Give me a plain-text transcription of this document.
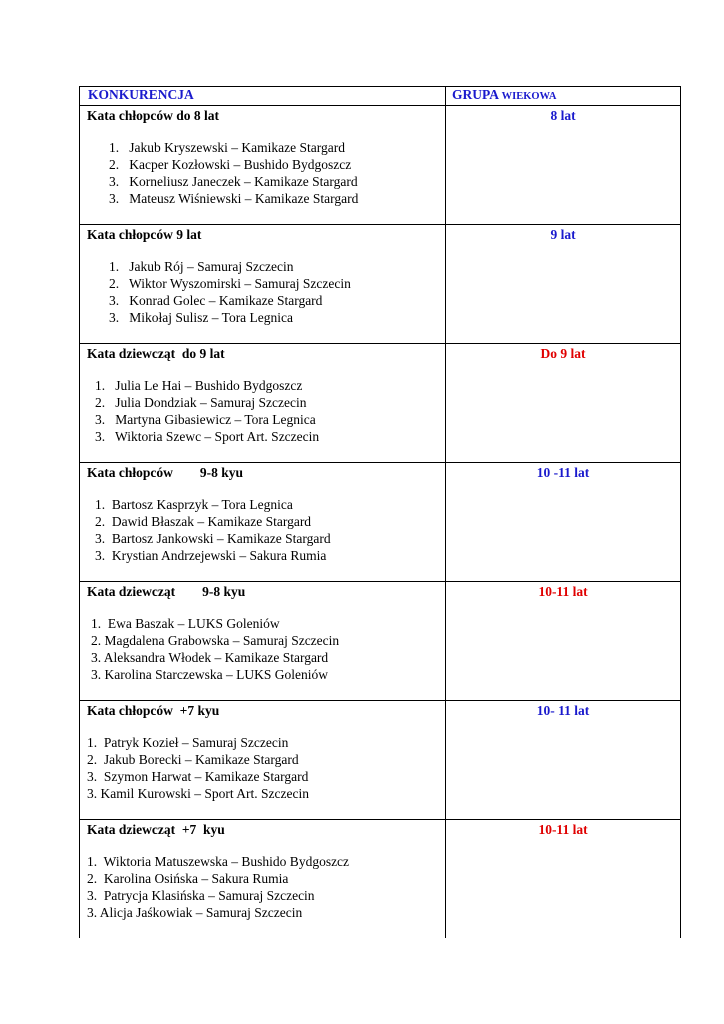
KONKURENCJA	GRUPA WIEKOWA

Kata chłopców do 8 lat
1.   Jakub Kryszewski – Kamikaze Stargard
2.   Kacper Kozłowski – Bushido Bydgoszcz
3.   Korneliusz Janeczek – Kamikaze Stargard
3.   Mateusz Wiśniewski – Kamikaze Stargard	8 lat

Kata chłopców 9 lat
1.   Jakub Rój – Samuraj Szczecin
2.   Wiktor Wyszomirski – Samuraj Szczecin
3.   Konrad Golec – Kamikaze Stargard
3.   Mikołaj Sulisz – Tora Legnica	9 lat

Kata dziewcząt  do 9 lat
1.   Julia Le Hai – Bushido Bydgoszcz
2.   Julia Dondziak – Samuraj Szczecin
3.   Martyna Gibasiewicz – Tora Legnica
3.   Wiktoria Szewc – Sport Art. Szczecin	Do 9 lat

Kata chłopców        9-8 kyu
1.  Bartosz Kasprzyk – Tora Legnica
2.  Dawid Błaszak – Kamikaze Stargard
3.  Bartosz Jankowski – Kamikaze Stargard
3.  Krystian Andrzejewski – Sakura Rumia	10 -11 lat

Kata dziewcząt        9-8 kyu
1.  Ewa Baszak – LUKS Goleniów
2. Magdalena Grabowska – Samuraj Szczecin
3. Aleksandra Włodek – Kamikaze Stargard
3. Karolina Starczewska – LUKS Goleniów	10-11 lat

Kata chłopców  +7 kyu
1.  Patryk Kozieł – Samuraj Szczecin
2.  Jakub Borecki – Kamikaze Stargard
3.  Szymon Harwat – Kamikaze Stargard
3. Kamil Kurowski – Sport Art. Szczecin	10- 11 lat

Kata dziewcząt  +7  kyu
1.  Wiktoria Matuszewska – Bushido Bydgoszcz
2.  Karolina Osińska – Sakura Rumia
3.  Patrycja Klasińska – Samuraj Szczecin
3. Alicja Jaśkowiak – Samuraj Szczecin	10-11 lat
